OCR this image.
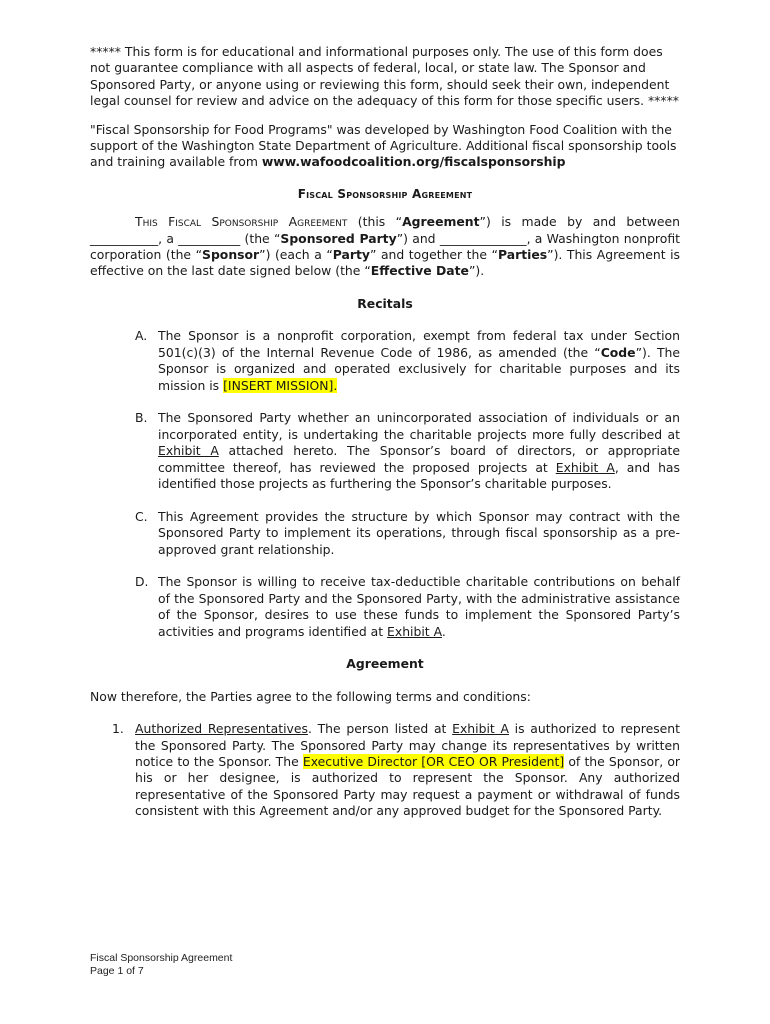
***** This form is for educational and informational purposes only. The use of this form does not guarantee compliance with all aspects of federal, local, or state law. The Sponsor and Sponsored Party, or anyone using or reviewing this form, should seek their own, independent legal counsel for review and advice on the adequacy of this form for those specific users. *****

"Fiscal Sponsorship for Food Programs" was developed by Washington Food Coalition with the support of the Washington State Department of Agriculture. Additional fiscal sponsorship tools and training available from www.wafoodcoalition.org/fiscalsponsorship

Fiscal Sponsorship Agreement

This Fiscal Sponsorship Agreement (this “Agreement”) is made by and between ___________, a __________ (the “Sponsored Party”) and ______________, a Washington nonprofit corporation (the “Sponsor”) (each a “Party” and together the “Parties”). This Agreement is effective on the last date signed below (the “Effective Date”).

Recitals

A. The Sponsor is a nonprofit corporation, exempt from federal tax under Section 501(c)(3) of the Internal Revenue Code of 1986, as amended (the “Code”). The Sponsor is organized and operated exclusively for charitable purposes and its mission is [INSERT MISSION].
B. The Sponsored Party whether an unincorporated association of individuals or an incorporated entity, is undertaking the charitable projects more fully described at Exhibit A attached hereto. The Sponsor’s board of directors, or appropriate committee thereof, has reviewed the proposed projects at Exhibit A, and has identified those projects as furthering the Sponsor’s charitable purposes.
C. This Agreement provides the structure by which Sponsor may contract with the Sponsored Party to implement its operations, through fiscal sponsorship as a pre-approved grant relationship.
D. The Sponsor is willing to receive tax-deductible charitable contributions on behalf of the Sponsored Party and the Sponsored Party, with the administrative assistance of the Sponsor, desires to use these funds to implement the Sponsored Party’s activities and programs identified at Exhibit A.

Agreement

Now therefore, the Parties agree to the following terms and conditions:

1. Authorized Representatives. The person listed at Exhibit A is authorized to represent the Sponsored Party. The Sponsored Party may change its representatives by written notice to the Sponsor. The Executive Director [OR CEO OR President] of the Sponsor, or his or her designee, is authorized to represent the Sponsor. Any authorized representative of the Sponsored Party may request a payment or withdrawal of funds consistent with this Agreement and/or any approved budget for the Sponsored Party.
Fiscal Sponsorship Agreement
Page 1 of 7
